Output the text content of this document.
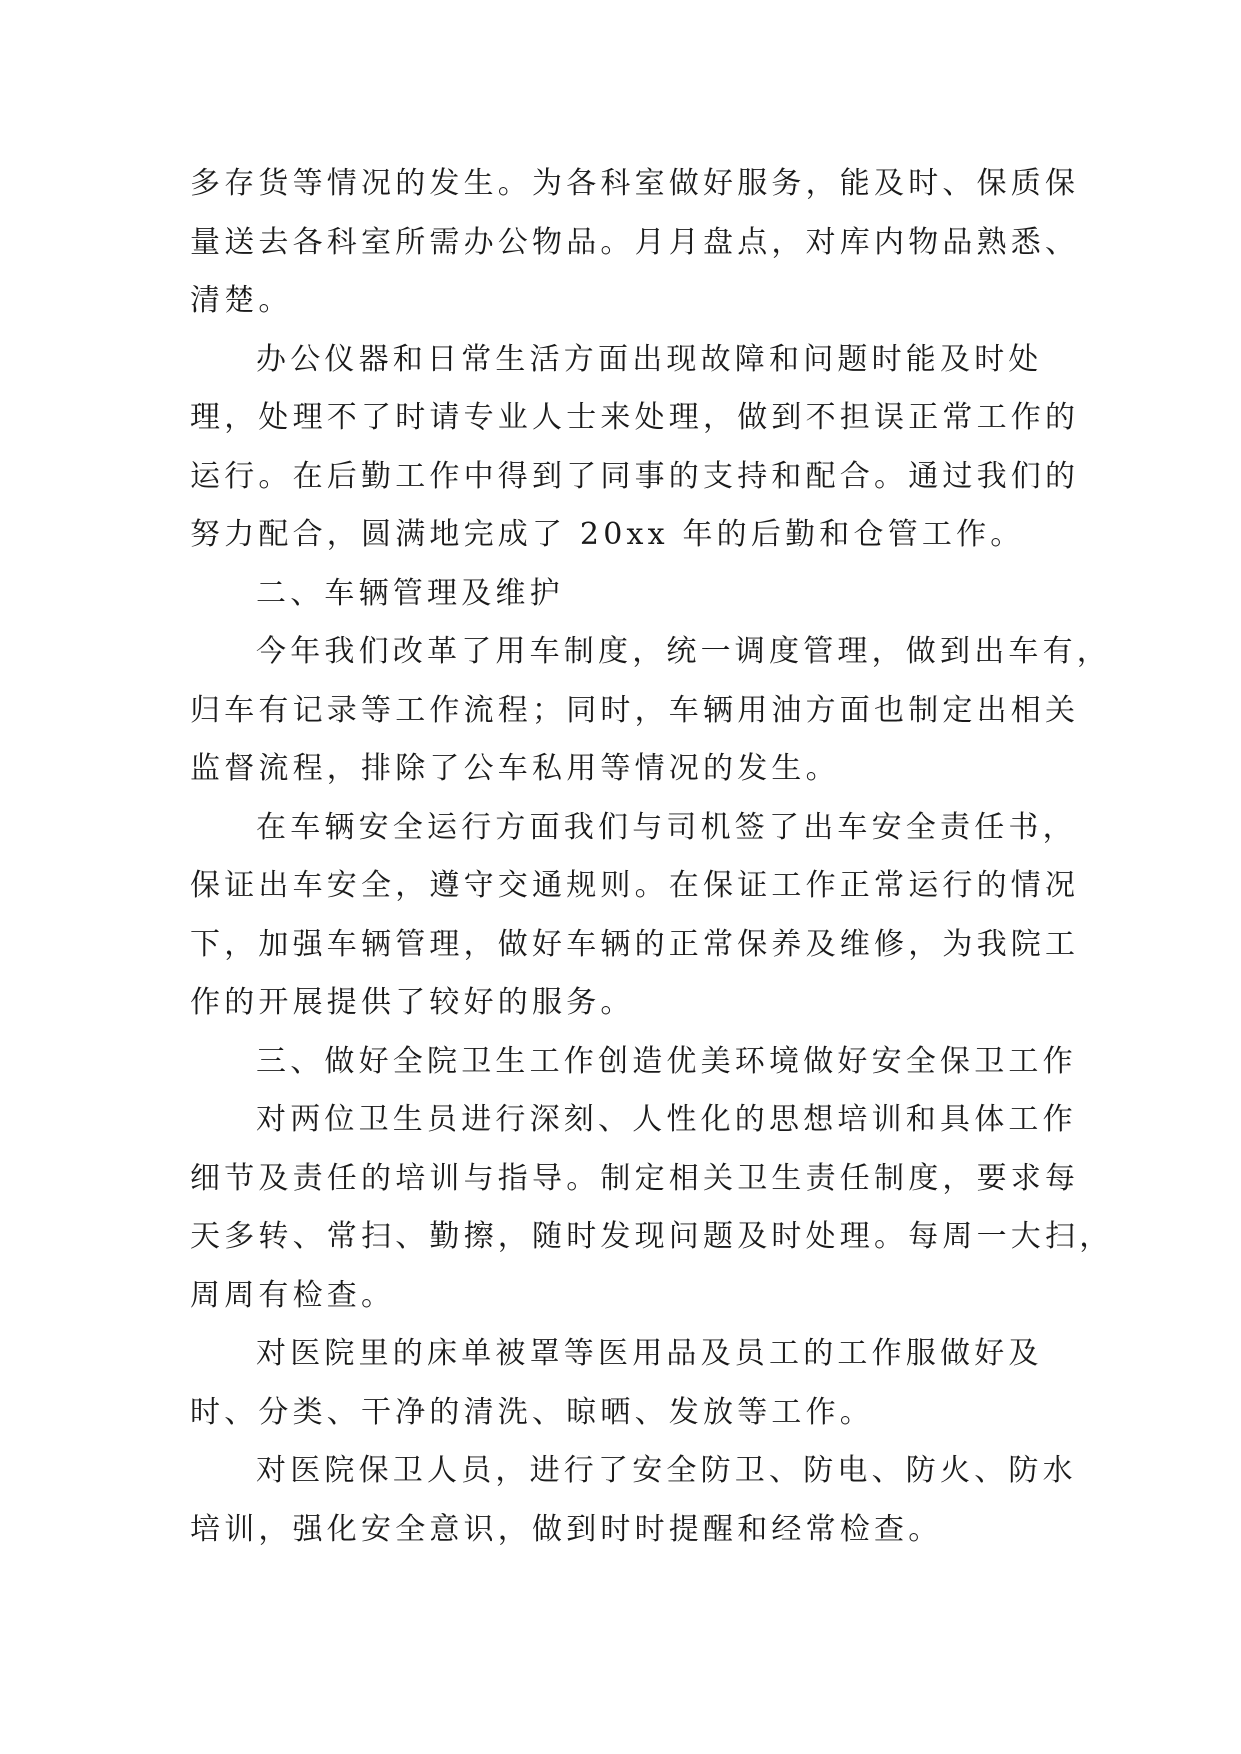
多存货等情况的发生。为各科室做好服务，能及时、保质保
量送去各科室所需办公物品。月月盘点，对库内物品熟悉、
清楚。

办公仪器和日常生活方面出现故障和问题时能及时处
理，处理不了时请专业人士来处理，做到不担误正常工作的
运行。在后勤工作中得到了同事的支持和配合。通过我们的
努力配合，圆满地完成了 20xx 年的后勤和仓管工作。

二、车辆管理及维护

今年我们改革了用车制度，统一调度管理，做到出车有，
归车有记录等工作流程；同时，车辆用油方面也制定出相关
监督流程，排除了公车私用等情况的发生。

在车辆安全运行方面我们与司机签了出车安全责任书，
保证出车安全，遵守交通规则。在保证工作正常运行的情况
下，加强车辆管理，做好车辆的正常保养及维修，为我院工
作的开展提供了较好的服务。

三、做好全院卫生工作创造优美环境做好安全保卫工作

对两位卫生员进行深刻、人性化的思想培训和具体工作
细节及责任的培训与指导。制定相关卫生责任制度，要求每
天多转、常扫、勤擦，随时发现问题及时处理。每周一大扫，
周周有检查。

对医院里的床单被罩等医用品及员工的工作服做好及
时、分类、干净的清洗、晾晒、发放等工作。

对医院保卫人员，进行了安全防卫、防电、防火、防水
培训，强化安全意识，做到时时提醒和经常检查。
